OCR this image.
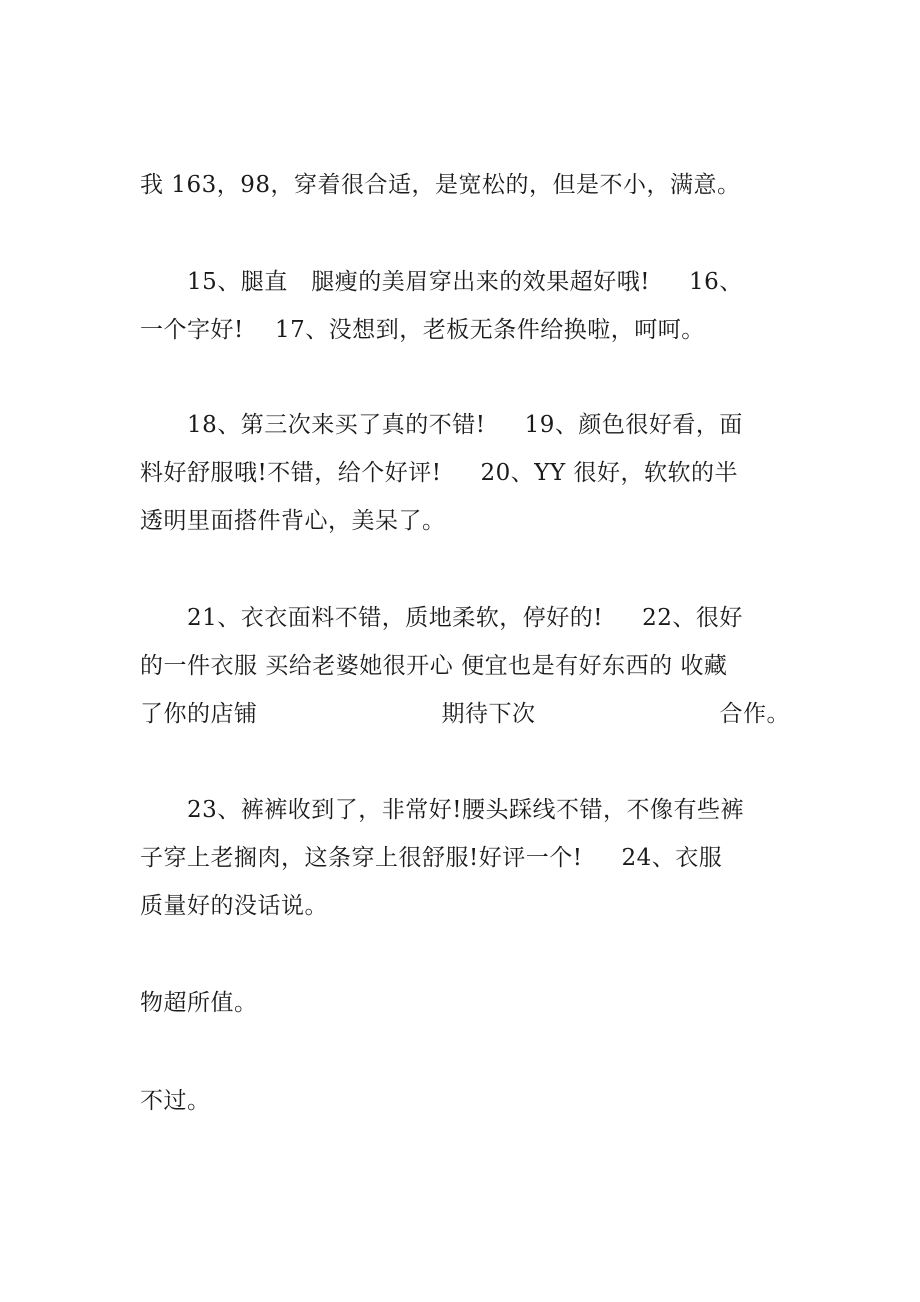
我 163，98，穿着很合适，是宽松的，但是不小，满意。
15、腿直   腿瘦的美眉穿出来的效果超好哦!     16、
一个字好!    17、没想到，老板无条件给换啦，呵呵。
18、第三次来买了真的不错!     19、颜色很好看，面
料好舒服哦!不错，给个好评!     20、YY 很好，软软的半
透明里面搭件背心，美呆了。
21、衣衣面料不错，质地柔软，停好的!     22、很好
的一件衣服 买给老婆她很开心 便宜也是有好东西的 收藏
了你的店铺	期待下次	合作。
23、裤裤收到了，非常好!腰头踩线不错，不像有些裤
子穿上老搁肉，这条穿上很舒服!好评一个!     24、衣服
质量好的没话说。
物超所值。
不过。
